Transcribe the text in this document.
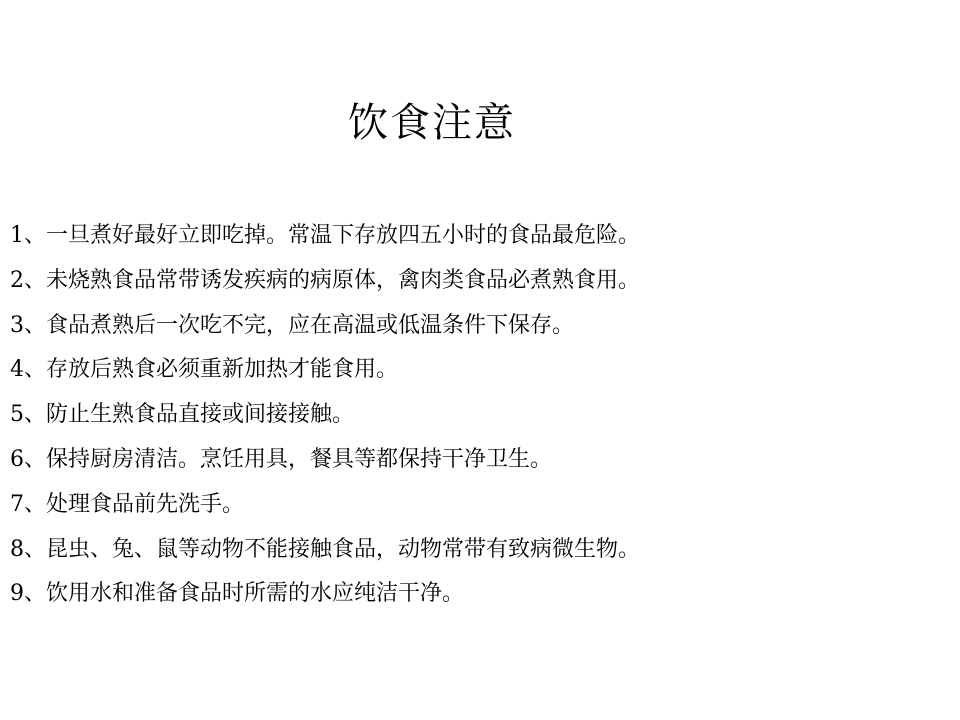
饮食注意
1、一旦煮好最好立即吃掉。常温下存放四五小时的食品最危险。
2、未烧熟食品常带诱发疾病的病原体，禽肉类食品必煮熟食用。
3、食品煮熟后一次吃不完，应在高温或低温条件下保存。
4、存放后熟食必须重新加热才能食用。
5、防止生熟食品直接或间接接触。
6、保持厨房清洁。烹饪用具，餐具等都保持干净卫生。
7、处理食品前先洗手。
8、昆虫、兔、鼠等动物不能接触食品，动物常带有致病微生物。
9、饮用水和准备食品时所需的水应纯洁干净。
